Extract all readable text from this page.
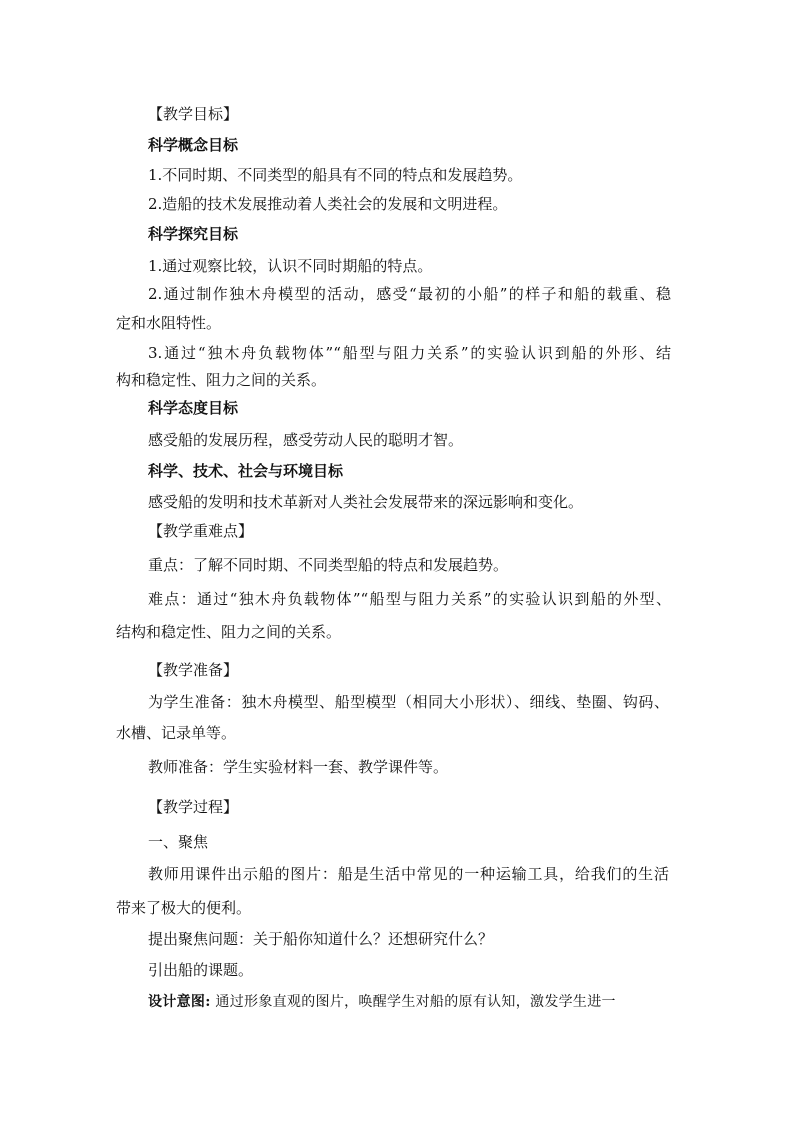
【教学目标】
科学概念目标
1.不同时期、不同类型的船具有不同的特点和发展趋势。
2.造船的技术发展推动着人类社会的发展和文明进程。
科学探究目标
1.通过观察比较，认识不同时期船的特点。
2.通过制作独木舟模型的活动，感受“最初的小船”的样子和船的载重、稳
定和水阻特性。
3.通过“独木舟负载物体”“船型与阻力关系”的实验认识到船的外形、结
构和稳定性、阻力之间的关系。
科学态度目标
感受船的发展历程，感受劳动人民的聪明才智。
科学、技术、社会与环境目标
感受船的发明和技术革新对人类社会发展带来的深远影响和变化。
【教学重难点】
重点：了解不同时期、不同类型船的特点和发展趋势。
难点：通过“独木舟负载物体”“船型与阻力关系”的实验认识到船的外型、
结构和稳定性、阻力之间的关系。
【教学准备】
为学生准备：独木舟模型、船型模型（相同大小形状）、细线、垫圈、钩码、
水槽、记录单等。
教师准备：学生实验材料一套、教学课件等。
【教学过程】
一、聚焦
教师用课件出示船的图片：船是生活中常见的一种运输工具，给我们的生活
带来了极大的便利。
提出聚焦问题：关于船你知道什么？还想研究什么？
引出船的课题。
设计意图: 通过形象直观的图片，唤醒学生对船的原有认知，激发学生进一
